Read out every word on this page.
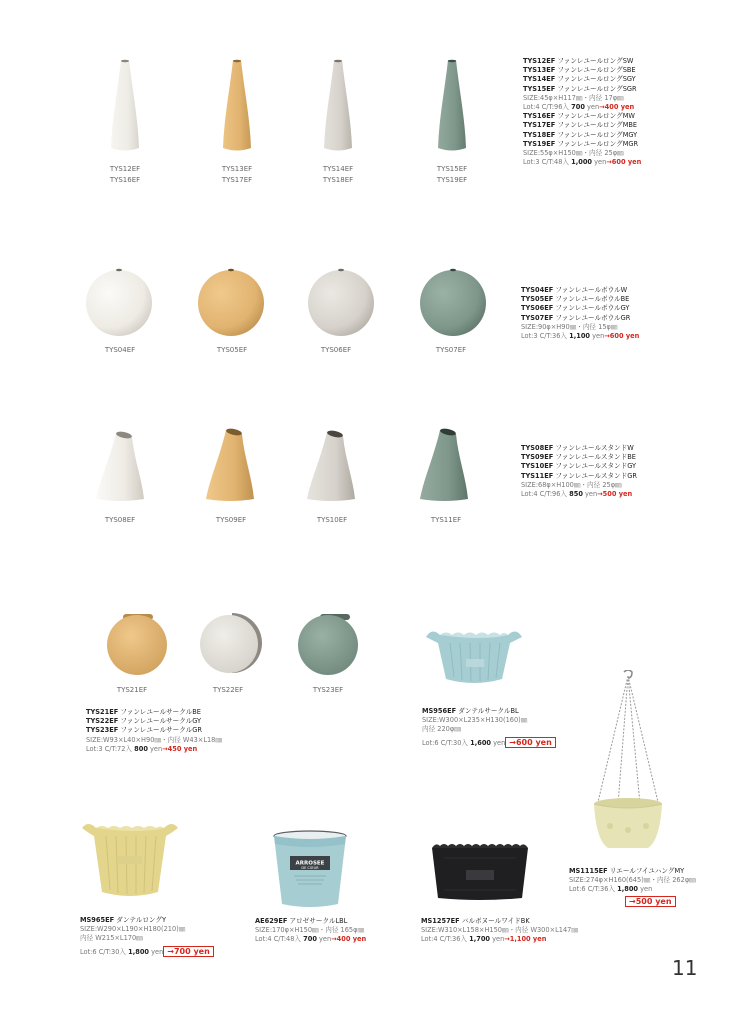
TYS12EF
TYS16EF
TYS13EF
TYS17EF
TYS14EF
TYS18EF
TYS15EF
TYS19EF
TYS12EF ファンレユールロングSW
TYS13EF ファンレユールロングSBE
TYS14EF ファンレユールロングSGY
TYS15EF ファンレユールロングSGR
SIZE:45φ×H117㎜・内径 17φ㎜
Lot:4 C/T:96入 700 yen→400 yen
TYS16EF ファンレユールロングMW
TYS17EF ファンレユールロングMBE
TYS18EF ファンレユールロングMGY
TYS19EF ファンレユールロングMGR
SIZE:55φ×H150㎜・内径 25φ㎜
Lot:3 C/T:48入 1,000 yen→600 yen
TYS04EF	TYS05EF	TYS06EF	TYS07EF
TYS04EF ファンレユールボウルW
TYS05EF ファンレユールボウルBE
TYS06EF ファンレユールボウルGY
TYS07EF ファンレユールボウルGR
SIZE:90φ×H90㎜・内径 15φ㎜
Lot:3 C/T:36入 1,100 yen→600 yen
TYS08EF	TYS09EF	TYS10EF	TYS11EF
TYS08EF ファンレユールスタンドW
TYS09EF ファンレユールスタンドBE
TYS10EF ファンレユールスタンドGY
TYS11EF ファンレユールスタンドGR
SIZE:68φ×H100㎜・内径 25φ㎜
Lot:4 C/T:96入 850 yen→500 yen
TYS21EF	TYS22EF	TYS23EF
TYS21EF ファンレユールサークルBE
TYS22EF ファンレユールサークルGY
TYS23EF ファンレユールサークルGR
SIZE:W93×L40×H90㎜・内径 W43×L18㎜
Lot:3 C/T:72入 800 yen→450 yen
MS956EF ダンテルサークルBL
SIZE:W300×L235×H130(160)㎜
内径 220φ㎜
Lot:6 C/T:30入 1,600 yen →600 yen
MS1115EF リエールフイユハングMY
SIZE:274φ×H160(645)㎜・内径 262φ㎜
Lot:6 C/T:36入 1,800 yen
→500 yen
MS965EF ダンテルロングY
SIZE:W290×L190×H180(210)㎜
内径 W215×L170㎜
Lot:6 C/T:30入 1,800 yen →700 yen
ARROSEE
DE CŒUR
AE629EF アロゼサークルLBL
SIZE:170φ×H150㎜・内径 165φ㎜
Lot:4 C/T:48入 700 yen→400 yen
MS1257EF バルボヌールワイドBK
SIZE:W310×L158×H150㎜・内径 W300×L147㎜
Lot:4 C/T:36入 1,700 yen→1,100 yen
11
